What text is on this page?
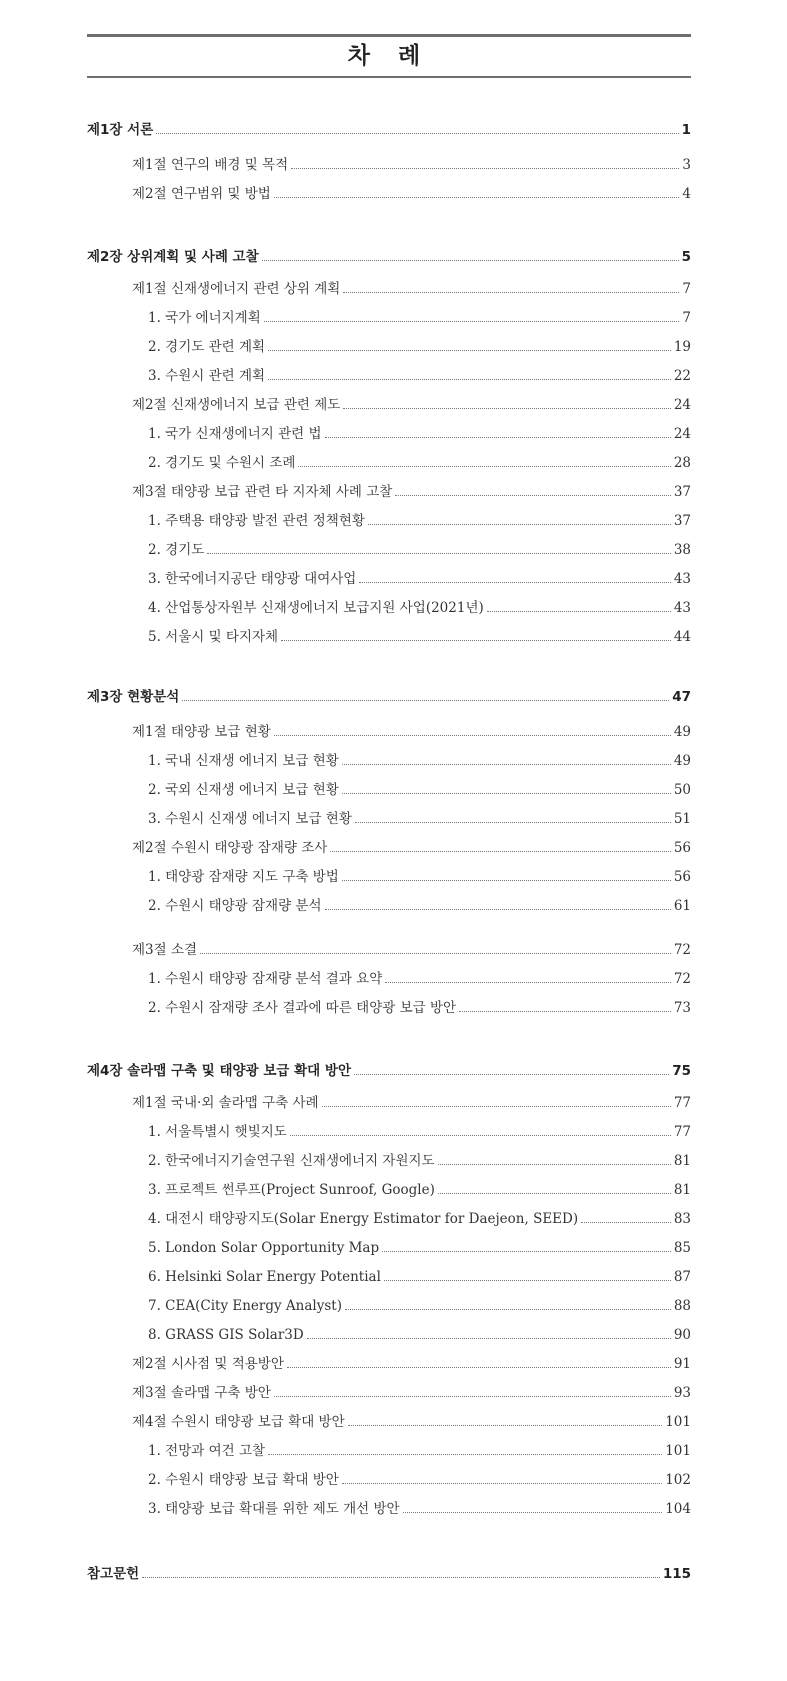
차 례
제1장 서론	1
제1절 연구의 배경 및 목적	3
제2절 연구범위 및 방법	4
제2장 상위계획 및 사례 고찰	5
제1절 신재생에너지 관련 상위 계획	7
1. 국가 에너지계획	7
2. 경기도 관련 계획	19
3. 수원시 관련 계획	22
제2절 신재생에너지 보급 관련 제도	24
1. 국가 신재생에너지 관련 법	24
2. 경기도 및 수원시 조례	28
제3절 태양광 보급 관련 타 지자체 사례 고찰	37
1. 주택용 태양광 발전 관련 정책현황	37
2. 경기도	38
3. 한국에너지공단 태양광 대여사업	43
4. 산업통상자원부 신재생에너지 보급지원 사업(2021년)	43
5. 서울시 및 타지자체	44
제3장 현황분석	47
제1절 태양광 보급 현황	49
1. 국내 신재생 에너지 보급 현황	49
2. 국외 신재생 에너지 보급 현황	50
3. 수원시 신재생 에너지 보급 현황	51
제2절 수원시 태양광 잠재량 조사	56
1. 태양광 잠재량 지도 구축 방법	56
2. 수원시 태양광 잠재량 분석	61
제3절 소결	72
1. 수원시 태양광 잠재량 분석 결과 요약	72
2. 수원시 잠재량 조사 결과에 따른 태양광 보급 방안	73
제4장 솔라맵 구축 및 태양광 보급 확대 방안	75
제1절 국내·외 솔라맵 구축 사례	77
1. 서울특별시 햇빛지도	77
2. 한국에너지기술연구원 신재생에너지 자원지도	81
3. 프로젝트 썬루프(Project Sunroof, Google)	81
4. 대전시 태양광지도(Solar Energy Estimator for Daejeon, SEED)	83
5. London Solar Opportunity Map	85
6. Helsinki Solar Energy Potential	87
7. CEA(City Energy Analyst)	88
8. GRASS GIS Solar3D	90
제2절 시사점 및 적용방안	91
제3절 솔라맵 구축 방안	93
제4절 수원시 태양광 보급 확대 방안	101
1. 전망과 여건 고찰	101
2. 수원시 태양광 보급 확대 방안	102
3. 태양광 보급 확대를 위한 제도 개선 방안	104
참고문헌	115
